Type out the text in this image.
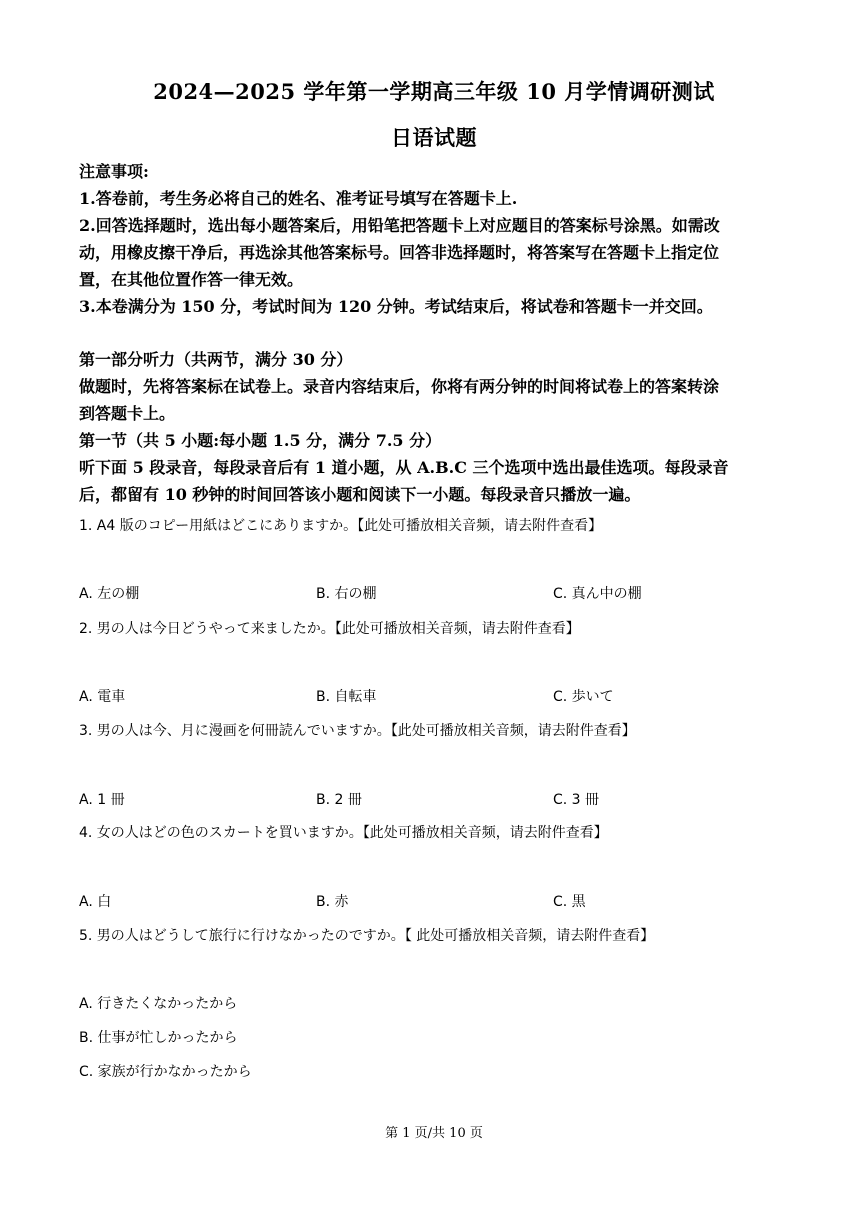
2024—2025 学年第一学期高三年级 10 月学情调研测试
日语试题
注意事项:
1.答卷前，考生务必将自己的姓名、准考证号填写在答题卡上.
2.回答选择题时，选出每小题答案后，用铅笔把答题卡上对应题目的答案标号涂黑。如需改
动，用橡皮擦干净后，再选涂其他答案标号。回答非选择题时，将答案写在答题卡上指定位
置，在其他位置作答一律无效。
3.本卷满分为 150 分，考试时间为 120 分钟。考试结束后，将试卷和答题卡一并交回。
第一部分听力（共两节，满分 30 分）
做题时，先将答案标在试卷上。录音内容结束后，你将有两分钟的时间将试卷上的答案转涂
到答题卡上。
第一节（共 5 小题:每小题 1.5 分，满分 7.5 分）
听下面 5 段录音，每段录音后有 1 道小题，从 A.B.C 三个选项中选出最佳选项。每段录音
后，都留有 10 秒钟的时间回答该小题和阅读下一小题。每段录音只播放一遍。
1. A4 版のコピー用紙はどこにありますか。【此处可播放相关音频，请去附件查看】
A. 左の棚	B. 右の棚	C. 真ん中の棚
2. 男の人は今日どうやって来ましたか。【此处可播放相关音频，请去附件查看】
A. 電車	B. 自転車	C. 歩いて
3. 男の人は今、月に漫画を何冊読んでいますか。【此处可播放相关音频，请去附件查看】
A. 1 冊	B. 2 冊	C. 3 冊
4. 女の人はどの色のスカートを買いますか。【此处可播放相关音频，请去附件查看】
A. 白	B. 赤	C. 黒
5. 男の人はどうして旅行に行けなかったのですか。【 此处可播放相关音频，请去附件查看】
A. 行きたくなかったから
B. 仕事が忙しかったから
C. 家族が行かなかったから
第 1 页/共 10 页
